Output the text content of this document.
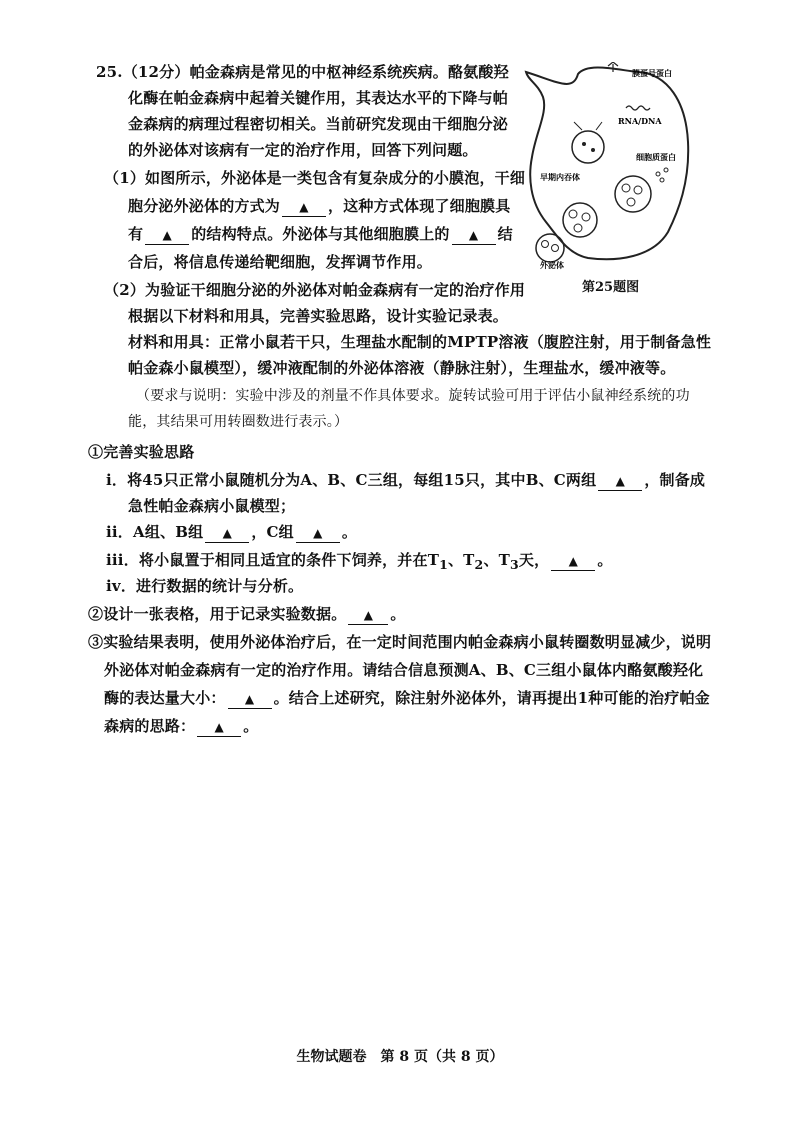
25.（12分）帕金森病是常见的中枢神经系统疾病。酪氨酸羟
化酶在帕金森病中起着关键作用，其表达水平的下降与帕
金森病的病理过程密切相关。当前研究发现由干细胞分泌
的外泌体对该病有一定的治疗作用，回答下列问题。
（1）如图所示，外泌体是一类包含有复杂成分的小膜泡，干细
胞分泌外泌体的方式为 ▲ ，这种方式体现了细胞膜具
有 ▲ 的结构特点。外泌体与其他细胞膜上的 ▲ 结
合后，将信息传递给靶细胞，发挥调节作用。
膜蛋号蛋白
RNA/DNA
细胞质蛋白
早期内吞体
外泌体
第25题图
（2）为验证干细胞分泌的外泌体对帕金森病有一定的治疗作用
根据以下材料和用具，完善实验思路，设计实验记录表。
材料和用具：正常小鼠若干只，生理盐水配制的MPTP溶液（腹腔注射，用于制备急性
帕金森小鼠模型），缓冲液配制的外泌体溶液（静脉注射），生理盐水，缓冲液等。
（要求与说明：实验中涉及的剂量不作具体要求。旋转试验可用于评估小鼠神经系统的功
能，其结果可用转圈数进行表示。）
①完善实验思路
i．将45只正常小鼠随机分为A、B、C三组，每组15只，其中B、C两组 ▲ ，制备成
急性帕金森病小鼠模型；
ii．A组、B组 ▲ ，C组 ▲ 。
iii．将小鼠置于相同且适宜的条件下饲养，并在$T_1$、$T_2$、$T_3$天， ▲ 。
iv．进行数据的统计与分析。
②设计一张表格，用于记录实验数据。 ▲ 。
③实验结果表明，使用外泌体治疗后，在一定时间范围内帕金森病小鼠转圈数明显减少，说明
外泌体对帕金森病有一定的治疗作用。请结合信息预测A、B、C三组小鼠体内酪氨酸羟化
酶的表达量大小： ▲ 。结合上述研究，除注射外泌体外，请再提出1种可能的治疗帕金
森病的思路： ▲ 。
生物试题卷　第 8 页（共 8 页）
